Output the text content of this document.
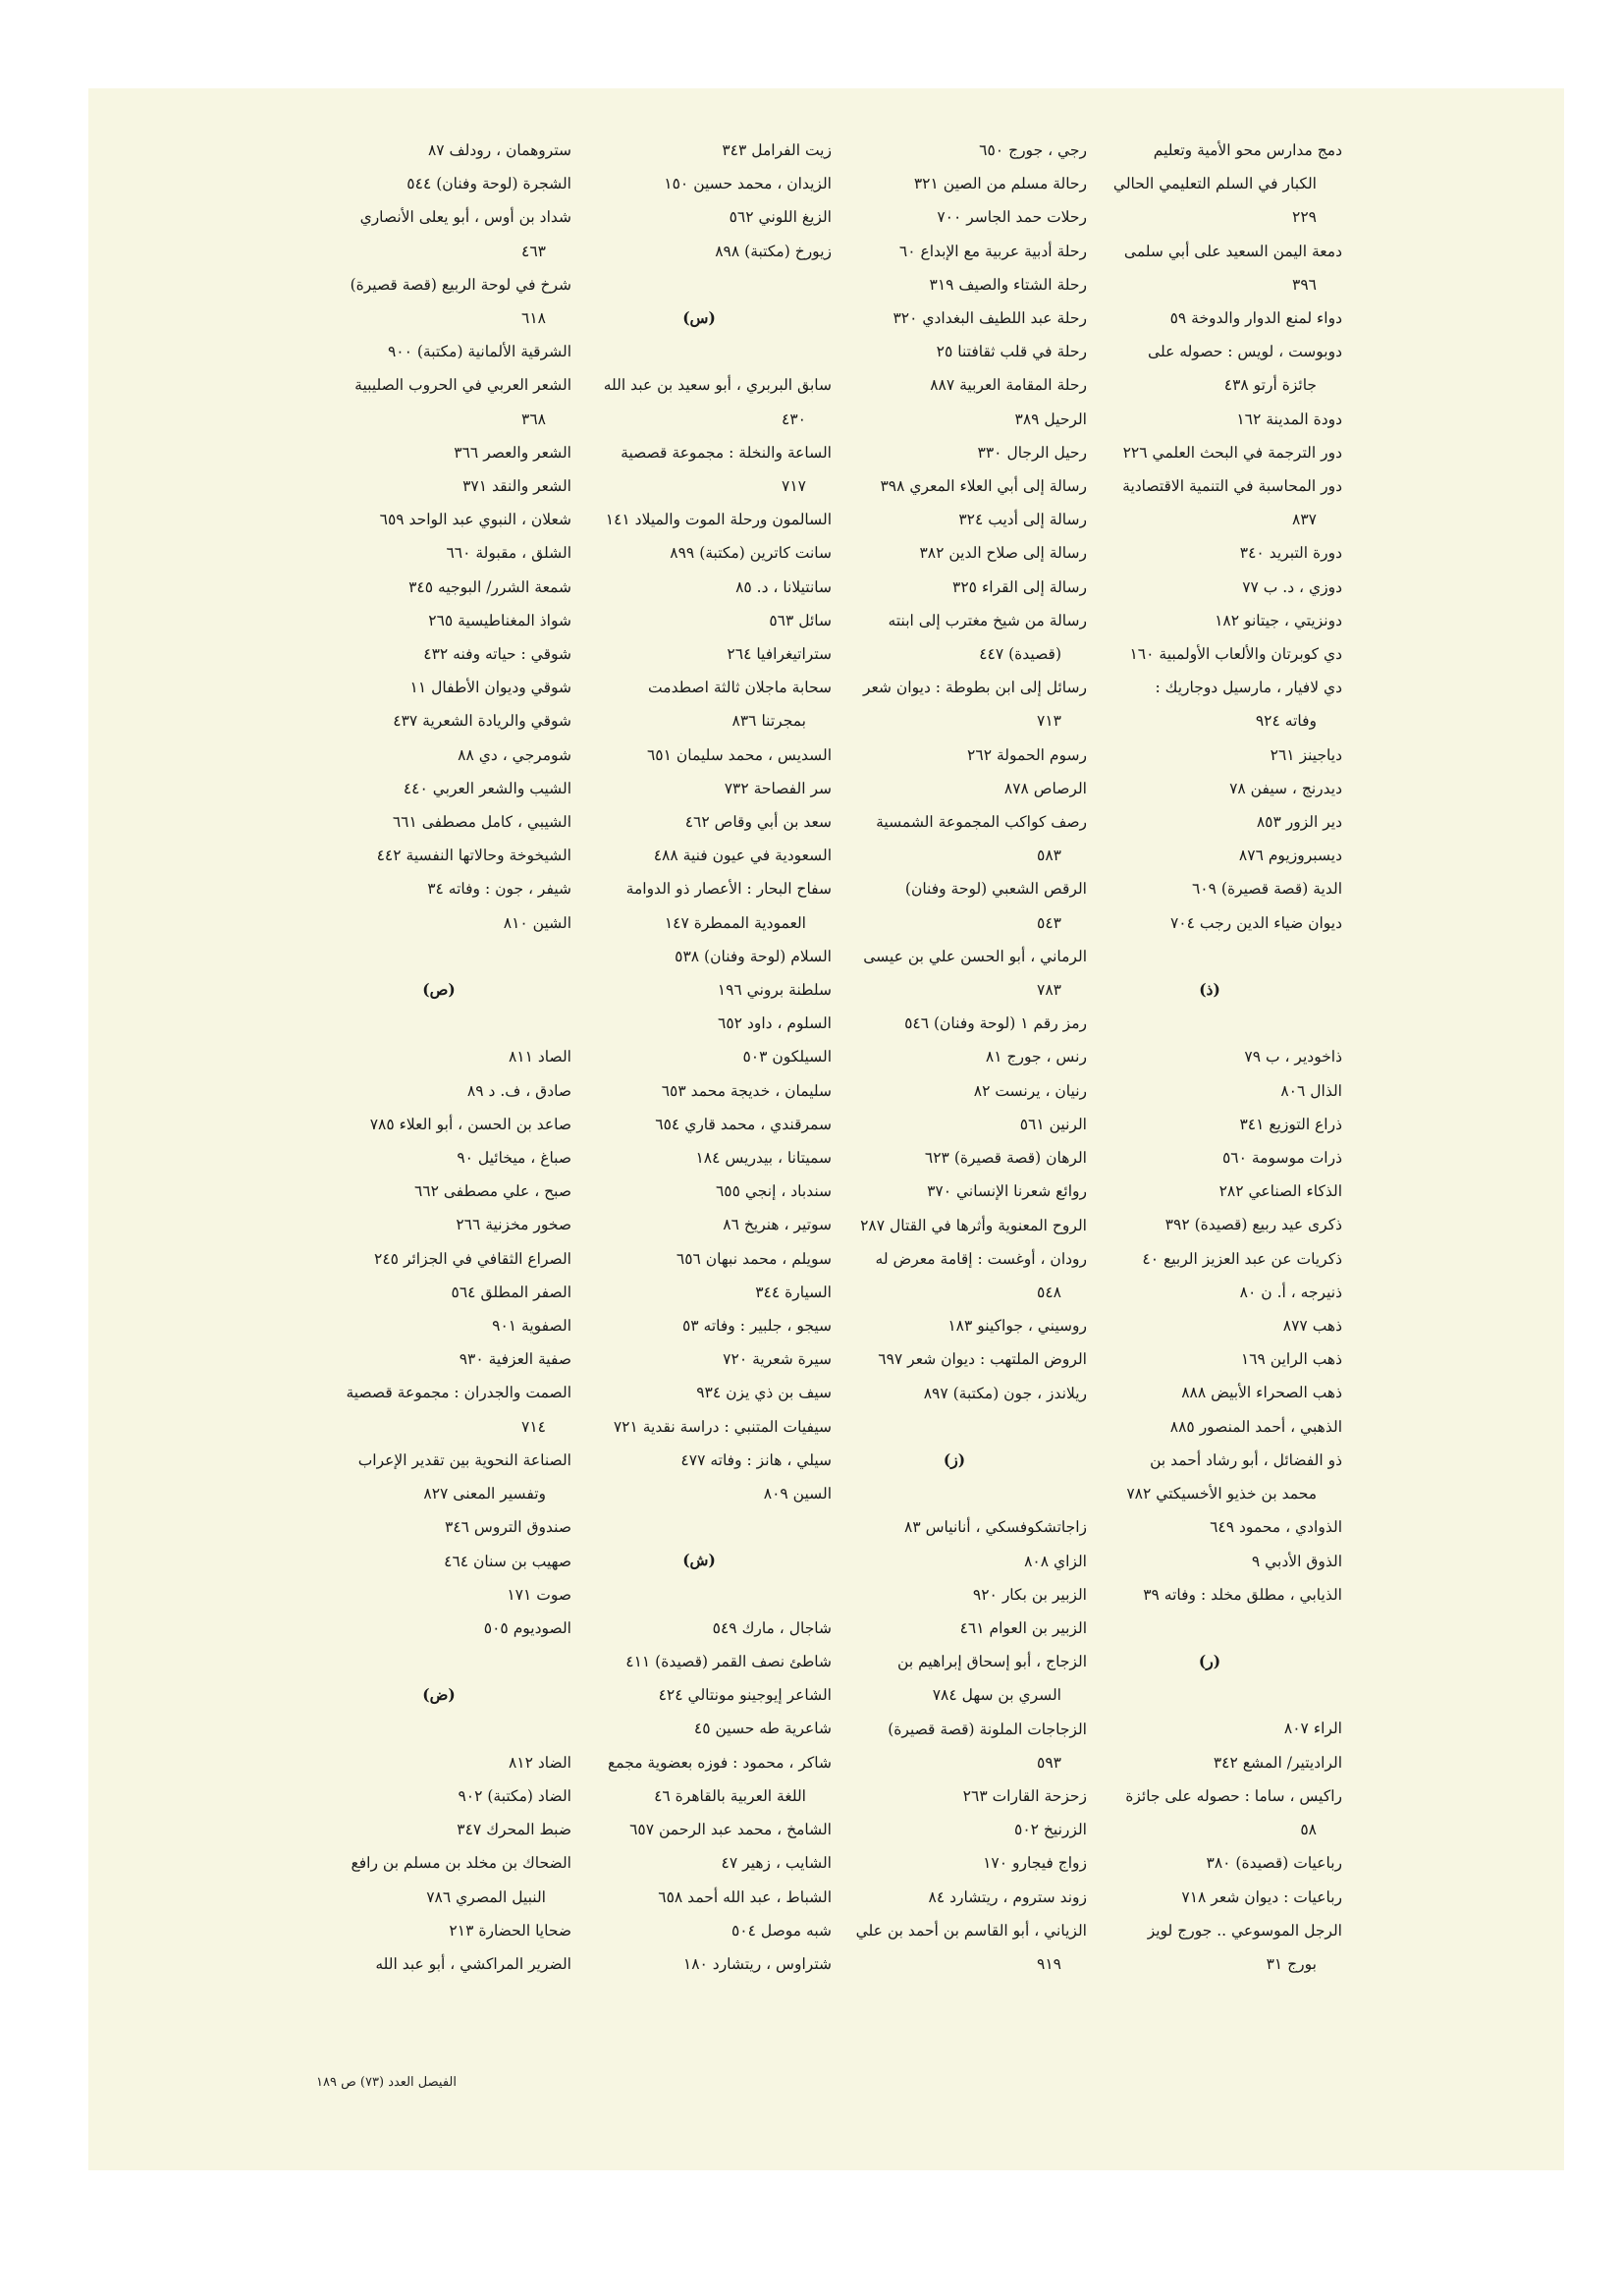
دمج مدارس محو الأمية وتعليم
الكبار في السلم التعليمي الحالي
٢٢٩
دمعة اليمن السعيد على أبي سلمى
٣٩٦
دواء لمنع الدوار والدوخة ٥٩
دوبوست ، لويس : حصوله على
جائزة أرتو ٤٣٨
دودة المدينة ١٦٢
دور الترجمة في البحث العلمي ٢٢٦
دور المحاسبة في التنمية الاقتصادية
٨٣٧
دورة التبريد ٣٤٠
دوزي ، د. ب ٧٧
دونزيتي ، جيتانو ١٨٢
دي كوبرتان والألعاب الأولمبية ١٦٠
دي لافيار ، مارسيل دوجاريك :
وفاته ٩٢٤
دياجينز ٢٦١
ديدرنج ، سيفن ٧٨
دير الزور ٨٥٣
ديسبروزيوم ٨٧٦
الدية (قصة قصيرة) ٦٠٩
ديوان ضياء الدين رجب ٧٠٤
(ذ)
ذاخودير ، ب ٧٩
الذال ٨٠٦
ذراع التوزيع ٣٤١
ذرات موسومة ٥٦٠
الذكاء الصناعي ٢٨٢
ذكرى عيد ربيع (قصيدة) ٣٩٢
ذكريات عن عبد العزيز الربيع ٤٠
ذنيرجه ، أ. ن ٨٠
ذهب ٨٧٧
ذهب الراين ١٦٩
ذهب الصحراء الأبيض ٨٨٨
الذهبي ، أحمد المنصور ٨٨٥
ذو الفضائل ، أبو رشاد أحمد بن
محمد بن خذيو الأخسيكتي ٧٨٢
الذوادي ، محمود ٦٤٩
الذوق الأدبي ٩
الذيابي ، مطلق مخلد : وفاته ٣٩
(ر)
الراء ٨٠٧
الراديتير/ المشع ٣٤٢
راكيس ، ساما : حصوله على جائزة
٥٨
رباعيات (قصيدة) ٣٨٠
رباعيات : ديوان شعر ٧١٨
الرجل الموسوعي .. جورج لويز
بورج ٣١
رجي ، جورج ٦٥٠
رحالة مسلم من الصين ٣٢١
رحلات حمد الجاسر ٧٠٠
رحلة أدبية عربية مع الإبداع ٦٠
رحلة الشتاء والصيف ٣١٩
رحلة عبد اللطيف البغدادي ٣٢٠
رحلة في قلب ثقافتنا ٢٥
رحلة المقامة العربية ٨٨٧
الرحيل ٣٨٩
رحيل الرجال ٣٣٠
رسالة إلى أبي العلاء المعري ٣٩٨
رسالة إلى أديب ٣٢٤
رسالة إلى صلاح الدين ٣٨٢
رسالة إلى القراء ٣٢٥
رسالة من شيخ مغترب إلى ابنته
(قصيدة) ٤٤٧
رسائل إلى ابن بطوطة : ديوان شعر
٧١٣
رسوم الحمولة ٢٦٢
الرصاص ٨٧٨
رصف كواكب المجموعة الشمسية
٥٨٣
الرقص الشعبي (لوحة وفنان)
٥٤٣
الرماني ، أبو الحسن علي بن عيسى
٧٨٣
رمز رقم ١ (لوحة وفنان) ٥٤٦
رنس ، جورج ٨١
رنيان ، يرنست ٨٢
الرنين ٥٦١
الرهان (قصة قصيرة) ٦٢٣
روائع شعرنا الإنساني ٣٧٠
الروح المعنوية وأثرها في القتال ٢٨٧
رودان ، أوغست : إقامة معرض له
٥٤٨
روسيني ، جواكينو ١٨٣
الروض الملتهب : ديوان شعر ٦٩٧
ريلاندز ، جون (مكتبة) ٨٩٧
(ز)
زاجاتشكوفسكي ، أنانياس ٨٣
الزاي ٨٠٨
الزبير بن بكار ٩٢٠
الزبير بن العوام ٤٦١
الزجاج ، أبو إسحاق إبراهيم بن
السري بن سهل ٧٨٤
الزجاجات الملونة (قصة قصيرة)
٥٩٣
زحزحة القارات ٢٦٣
الزرنيخ ٥٠٢
زواج فيجارو ١٧٠
زوند ستروم ، ريتشارد ٨٤
الزياني ، أبو القاسم بن أحمد بن علي
٩١٩
زيت الفرامل ٣٤٣
الزيدان ، محمد حسين ١٥٠
الزيغ اللوني ٥٦٢
زيورخ (مكتبة) ٨٩٨
(س)
سابق البربري ، أبو سعيد بن عبد الله
٤٣٠
الساعة والنخلة : مجموعة قصصية
٧١٧
السالمون ورحلة الموت والميلاد ١٤١
سانت كاترين (مكتبة) ٨٩٩
سانتيلانا ، د. ٨٥
سائل ٥٦٣
ستراتيغرافيا ٢٦٤
سحابة ماجلان ثالثة اصطدمت
بمجرتنا ٨٣٦
السديس ، محمد سليمان ٦٥١
سر الفصاحة ٧٣٢
سعد بن أبي وقاص ٤٦٢
السعودية في عيون فنية ٤٨٨
سفاح البحار : الأعصار ذو الدوامة
العمودية الممطرة ١٤٧
السلام (لوحة وفنان) ٥٣٨
سلطنة بروني ١٩٦
السلوم ، داود ٦٥٢
السيلكون ٥٠٣
سليمان ، خديجة محمد ٦٥٣
سمرقندي ، محمد قاري ٦٥٤
سميتانا ، بيدريس ١٨٤
سندباد ، إنجي ٦٥٥
سوتير ، هنريخ ٨٦
سويلم ، محمد نبهان ٦٥٦
السيارة ٣٤٤
سيجو ، جلبير : وفاته ٥٣
سيرة شعرية ٧٢٠
سيف بن ذي يزن ٩٣٤
سيفيات المتنبي : دراسة نقدية ٧٢١
سيلي ، هانز : وفاته ٤٧٧
السين ٨٠٩
(ش)
شاجال ، مارك ٥٤٩
شاطئ نصف القمر (قصيدة) ٤١١
الشاعر إيوجينو مونتالي ٤٢٤
شاعرية طه حسين ٤٥
شاكر ، محمود : فوزه بعضوية مجمع
اللغة العربية بالقاهرة ٤٦
الشامخ ، محمد عبد الرحمن ٦٥٧
الشايب ، زهير ٤٧
الشباط ، عبد الله أحمد ٦٥٨
شبه موصل ٥٠٤
شتراوس ، ريتشارد ١٨٠
ستروهمان ، رودلف ٨٧
الشجرة (لوحة وفنان) ٥٤٤
شداد بن أوس ، أبو يعلى الأنصاري
٤٦٣
شرخ في لوحة الربيع (قصة قصيرة)
٦١٨
الشرقية الألمانية (مكتبة) ٩٠٠
الشعر العربي في الحروب الصليبية
٣٦٨
الشعر والعصر ٣٦٦
الشعر والنقد ٣٧١
شعلان ، النبوي عبد الواحد ٦٥٩
الشلق ، مقبولة ٦٦٠
شمعة الشرر/ البوجيه ٣٤٥
شواذ المغناطيسية ٢٦٥
شوقي : حياته وفنه ٤٣٢
شوقي وديوان الأطفال ١١
شوقي والريادة الشعرية ٤٣٧
شومرجي ، دي ٨٨
الشيب والشعر العربي ٤٤٠
الشيبي ، كامل مصطفى ٦٦١
الشيخوخة وحالاتها النفسية ٤٤٢
شيفر ، جون : وفاته ٣٤
الشين ٨١٠
(ص)
الصاد ٨١١
صادق ، ف. د ٨٩
صاعد بن الحسن ، أبو العلاء ٧٨٥
صباغ ، ميخائيل ٩٠
صبح ، علي مصطفى ٦٦٢
صخور مخزنية ٢٦٦
الصراع الثقافي في الجزائر ٢٤٥
الصفر المطلق ٥٦٤
الصفوية ٩٠١
صفية العزفية ٩٣٠
الصمت والجدران : مجموعة قصصية
٧١٤
الصناعة النحوية بين تقدير الإعراب
وتفسير المعنى ٨٢٧
صندوق التروس ٣٤٦
صهيب بن سنان ٤٦٤
صوت ١٧١
الصوديوم ٥٠٥
(ض)
الضاد ٨١٢
الضاد (مكتبة) ٩٠٢
ضبط المحرك ٣٤٧
الضحاك بن مخلد بن مسلم بن رافع
النبيل المصري ٧٨٦
ضحايا الحضارة ٢١٣
الضرير المراكشي ، أبو عبد الله
الفيصل العدد (٧٣) ص ١٨٩
